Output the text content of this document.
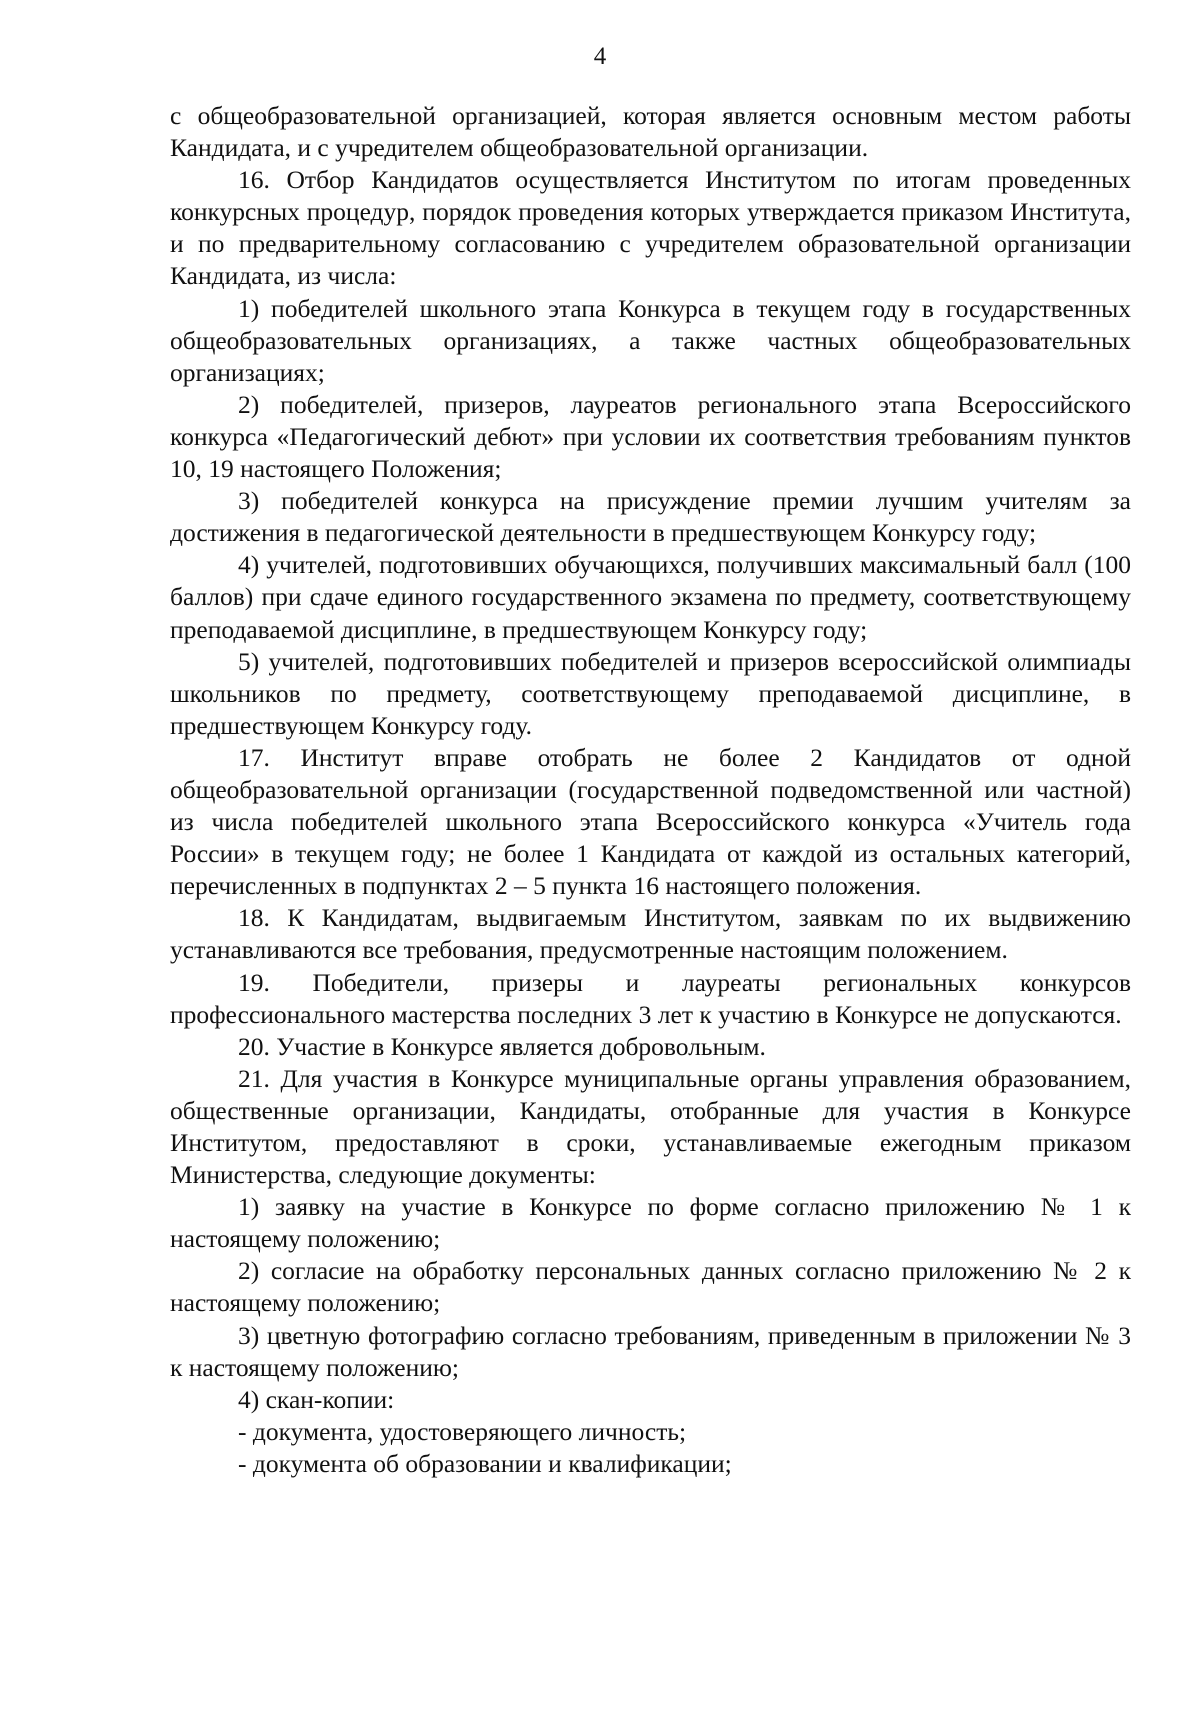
4

с общеобразовательной организацией, которая является основным местом работы Кандидата, и с учредителем общеобразовательной организации.

16. Отбор Кандидатов осуществляется Институтом по итогам проведенных конкурсных процедур, порядок проведения которых утверждается приказом Института, и по предварительному согласованию с учредителем образовательной организации Кандидата, из числа:

1) победителей школьного этапа Конкурса в текущем году в государственных общеобразовательных организациях, а также частных общеобразовательных организациях;

2) победителей, призеров, лауреатов регионального этапа Всероссийского конкурса «Педагогический дебют» при условии их соответствия требованиям пунктов 10, 19 настоящего Положения;

3) победителей конкурса на присуждение премии лучшим учителям за достижения в педагогической деятельности в предшествующем Конкурсу году;

4) учителей, подготовивших обучающихся, получивших максимальный балл (100 баллов) при сдаче единого государственного экзамена по предмету, соответствующему преподаваемой дисциплине, в предшествующем Конкурсу году;

5) учителей, подготовивших победителей и призеров всероссийской олимпиады школьников по предмету, соответствующему преподаваемой дисциплине, в предшествующем Конкурсу году.

17. Институт вправе отобрать не более 2 Кандидатов от одной общеобразовательной организации (государственной подведомственной или частной) из числа победителей школьного этапа Всероссийского конкурса «Учитель года России» в текущем году; не более 1 Кандидата от каждой из остальных категорий, перечисленных в подпунктах 2 – 5 пункта 16 настоящего положения.

18. К Кандидатам, выдвигаемым Институтом, заявкам по их выдвижению устанавливаются все требования, предусмотренные настоящим положением.

19. Победители, призеры и лауреаты региональных конкурсов профессионального мастерства последних 3 лет к участию в Конкурсе не допускаются.

20. Участие в Конкурсе является добровольным.

21. Для участия в Конкурсе муниципальные органы управления образованием, общественные организации, Кандидаты, отобранные для участия в Конкурсе Институтом, предоставляют в сроки, устанавливаемые ежегодным приказом Министерства, следующие документы:

1) заявку на участие в Конкурсе по форме согласно приложению № 1 к настоящему положению;

2) согласие на обработку персональных данных согласно приложению № 2 к настоящему положению;

3) цветную фотографию согласно требованиям, приведенным в приложении № 3 к настоящему положению;

4) скан-копии:

- документа, удостоверяющего личность;

- документа об образовании и квалификации;
